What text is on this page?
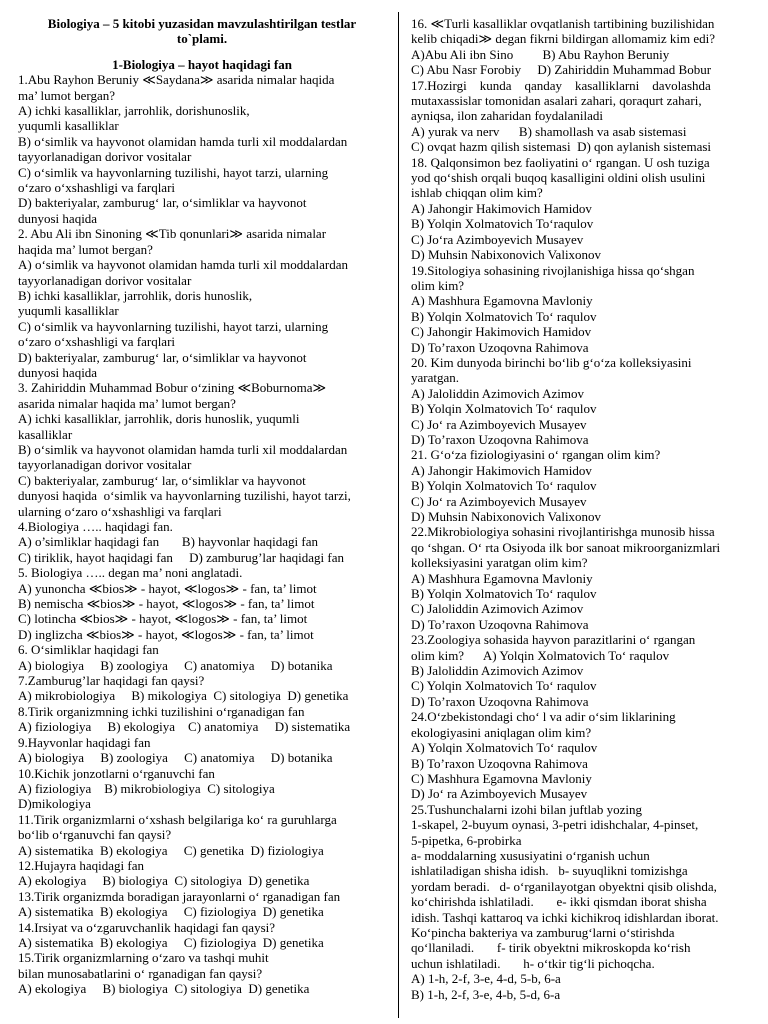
Biologiya – 5 kitobi yuzasidan mavzulashtirilgan testlar
to`plami.
1-Biologiya – hayot haqidagi fan
1.Abu Rayhon Beruniy ≪Saydana≫ asarida nimalar haqida
ma’ lumot bergan?
A) ichki kasalliklar, jarrohlik, dorishunoslik,
yuqumli kasalliklar
B) o‘simlik va hayvonot olamidan hamda turli xil moddalardan
tayyorlanadigan dorivor vositalar
C) o‘simlik va hayvonlarning tuzilishi, hayot tarzi, ularning
o‘zaro o‘xshashligi va farqlari
D) bakteriyalar, zamburug‘ lar, o‘simliklar va hayvonot
dunyosi haqida
2. Abu Ali ibn Sinoning ≪Tib qonunlari≫ asarida nimalar
haqida ma’ lumot bergan?
A) o‘simlik va hayvonot olamidan hamda turli xil moddalardan
tayyorlanadigan dorivor vositalar
B) ichki kasalliklar, jarrohlik, doris hunoslik,
yuqumli kasalliklar
C) o‘simlik va hayvonlarning tuzilishi, hayot tarzi, ularning
o‘zaro o‘xshashligi va farqlari
D) bakteriyalar, zamburug‘ lar, o‘simliklar va hayvonot
dunyosi haqida
3. Zahiriddin Muhammad Bobur o‘zining ≪Boburnoma≫
asarida nimalar haqida ma’ lumot bergan?
A) ichki kasalliklar, jarrohlik, doris hunoslik, yuqumli
kasalliklar
B) o‘simlik va hayvonot olamidan hamda turli xil moddalardan
tayyorlanadigan dorivor vositalar
C) bakteriyalar, zamburug‘ lar, o‘simliklar va hayvonot
dunyosi haqida  o‘simlik va hayvonlarning tuzilishi, hayot tarzi,
ularning o‘zaro o‘xshashligi va farqlari
4.Biologiya ….. haqidagi fan.
A) o’simliklar haqidagi fan       B) hayvonlar haqidagi fan
C) tiriklik, hayot haqidagi fan     D) zamburug’lar haqidagi fan
5. Biologiya ….. degan ma’ noni anglatadi.
A) yunoncha ≪bios≫ - hayot, ≪logos≫ - fan, ta’ limot
B) nemischa ≪bios≫ - hayot, ≪logos≫ - fan, ta’ limot
C) lotincha ≪bios≫ - hayot, ≪logos≫ - fan, ta’ limot
D) inglizcha ≪bios≫ - hayot, ≪logos≫ - fan, ta’ limot
6. O‘simliklar haqidagi fan
A) biologiya     B) zoologiya     C) anatomiya     D) botanika
7.Zamburug’lar haqidagi fan qaysi?
A) mikrobiologiya     B) mikologiya  C) sitologiya  D) genetika
8.Tirik organizmning ichki tuzilishini o‘rganadigan fan
A) fiziologiya     B) ekologiya    C) anatomiya     D) sistematika
9.Hayvonlar haqidagi fan
A) biologiya     B) zoologiya     C) anatomiya     D) botanika
10.Kichik jonzotlarni o‘rganuvchi fan
A) fiziologiya    B) mikrobiologiya  C) sitologiya
D)mikologiya
11.Tirik organizmlarni o‘xshash belgilariga ko‘ ra guruhlarga
bo‘lib o‘rganuvchi fan qaysi?
A) sistematika  B) ekologiya     C) genetika  D) fiziologiya
12.Hujayra haqidagi fan
A) ekologiya     B) biologiya  C) sitologiya  D) genetika
13.Tirik organizmda boradigan jarayonlarni o‘ rganadigan fan
A) sistematika  B) ekologiya     C) fiziologiya  D) genetika
14.Irsiyat va o‘zgaruvchanlik haqidagi fan qaysi?
A) sistematika  B) ekologiya     C) fiziologiya  D) genetika
15.Tirik organizmlarning o‘zaro va tashqi muhit
bilan munosabatlarini o‘ rganadigan fan qaysi?
A) ekologiya     B) biologiya  C) sitologiya  D) genetika
16. ≪Turli kasalliklar ovqatlanish tartibining buzilishidan
kelib chiqadi≫ degan fikrni bildirgan allomamiz kim edi?
A)Abu Ali ibn Sino         B) Abu Rayhon Beruniy
C) Abu Nasr Forobiy     D) Zahiriddin Muhammad Bobur
17.Hozirgi    kunda    qanday    kasalliklarni    davolashda
mutaxassislar tomonidan asalari zahari, qoraqurt zahari,
ayniqsa, ilon zaharidan foydalaniladi
A) yurak va nerv      B) shamollash va asab sistemasi
C) ovqat hazm qilish sistemasi  D) qon aylanish sistemasi
18. Qalqonsimon bez faoliyatini o‘ rgangan. U osh tuziga
yod qo‘shish orqali buqoq kasalligini oldini olish usulini
ishlab chiqqan olim kim?
A) Jahongir Hakimovich Hamidov
B) Yolqin Xolmatovich To‘raqulov
C) Jo‘ra Azimboyevich Musayev
D) Muhsin Nabixonovich Valixonov
19.Sitologiya sohasining rivojlanishiga hissa qo‘shgan
olim kim?
A) Mashhura Egamovna Mavloniy
B) Yolqin Xolmatovich To‘ raqulov
C) Jahongir Hakimovich Hamidov
D) To’raxon Uzoqovna Rahimova
20. Kim dunyoda birinchi bo‘lib g‘o‘za kolleksiyasini
yaratgan.
A) Jaloliddin Azimovich Azimov
B) Yolqin Xolmatovich To‘ raqulov
C) Jo‘ ra Azimboyevich Musayev
D) To’raxon Uzoqovna Rahimova
21. G‘o‘za fiziologiyasini o‘ rgangan olim kim?
A) Jahongir Hakimovich Hamidov
B) Yolqin Xolmatovich To‘ raqulov
C) Jo‘ ra Azimboyevich Musayev
D) Muhsin Nabixonovich Valixonov
22.Mikrobiologiya sohasini rivojlantirishga munosib hissa
qo ‘shgan. O‘ rta Osiyoda ilk bor sanoat mikroorganizmlari
kolleksiyasini yaratgan olim kim?
A) Mashhura Egamovna Mavloniy
B) Yolqin Xolmatovich To‘ raqulov
C) Jaloliddin Azimovich Azimov
D) To’raxon Uzoqovna Rahimova
23.Zoologiya sohasida hayvon parazitlarini o‘ rgangan
olim kim?      A) Yolqin Xolmatovich To‘ raqulov
B) Jaloliddin Azimovich Azimov
C) Yolqin Xolmatovich To‘ raqulov
D) To’raxon Uzoqovna Rahimova
24.O‘zbekistondagi cho‘ l va adir o‘sim liklarining
ekologiyasini aniqlagan olim kim?
A) Yolqin Xolmatovich To‘ raqulov
B) To’raxon Uzoqovna Rahimova
C) Mashhura Egamovna Mavloniy
D) Jo‘ ra Azimboyevich Musayev
25.Tushunchalarni izohi bilan juftlab yozing
1-skapel, 2-buyum oynasi, 3-petri idishchalar, 4-pinset,
5-pipetka, 6-probirka
a- moddalarning xususiyatini o‘rganish uchun
ishlatiladigan shisha idish.   b- suyuqlikni tomizishga
yordam beradi.   d- o‘rganilayotgan obyektni qisib olishda,
ko‘chirishda ishlatiladi.       e- ikki qismdan iborat shisha
idish. Tashqi kattaroq va ichki kichikroq idishlardan iborat.
Ko‘pincha bakteriya va zamburug‘larni o‘stirishda
qo‘llaniladi.       f- tirik obyektni mikroskopda ko‘rish
uchun ishlatiladi.       h- o‘tkir tig‘li pichoqcha.
A) 1-h, 2-f, 3-e, 4-d, 5-b, 6-a
B) 1-h, 2-f, 3-e, 4-b, 5-d, 6-a
